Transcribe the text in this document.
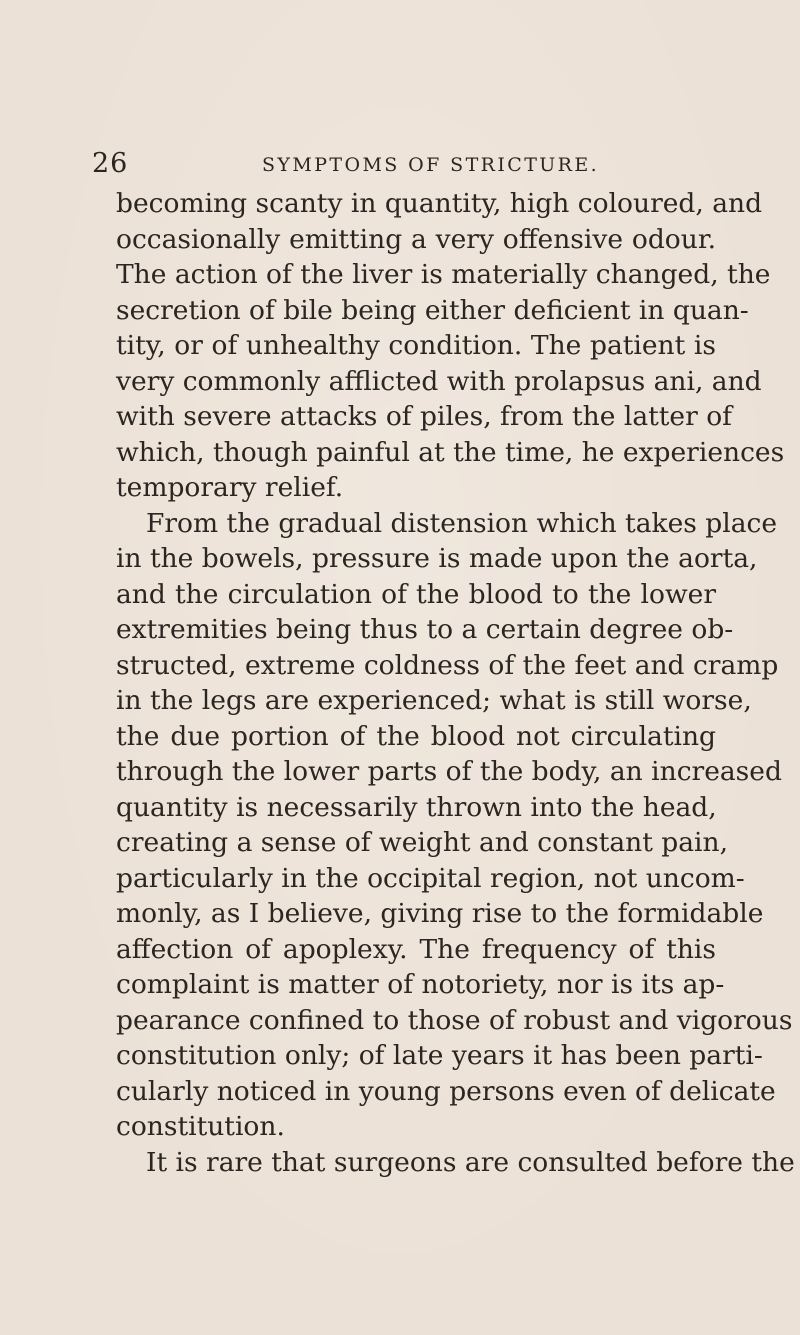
26	SYMPTOMS OF STRICTURE.
becoming scanty in quantity, high coloured, and
occasionally emitting a very offensive odour.
The action of the liver is materially changed, the
secretion of bile being either deficient in quan-
tity, or of unhealthy condition. The patient is
very commonly afflicted with prolapsus ani, and
with severe attacks of piles, from the latter of
which, though painful at the time, he experiences
temporary relief.
From the gradual distension which takes place
in the bowels, pressure is made upon the aorta,
and the circulation of the blood to the lower
extremities being thus to a certain degree ob-
structed, extreme coldness of the feet and cramp
in the legs are experienced; what is still worse,
the due portion of the blood not circulating
through the lower parts of the body, an increased
quantity is necessarily thrown into the head,
creating a sense of weight and constant pain,
particularly in the occipital region, not uncom-
monly, as I believe, giving rise to the formidable
affection of apoplexy. The frequency of this
complaint is matter of notoriety, nor is its ap-
pearance confined to those of robust and vigorous
constitution only; of late years it has been parti-
cularly noticed in young persons even of delicate
constitution.
It is rare that surgeons are consulted before the
